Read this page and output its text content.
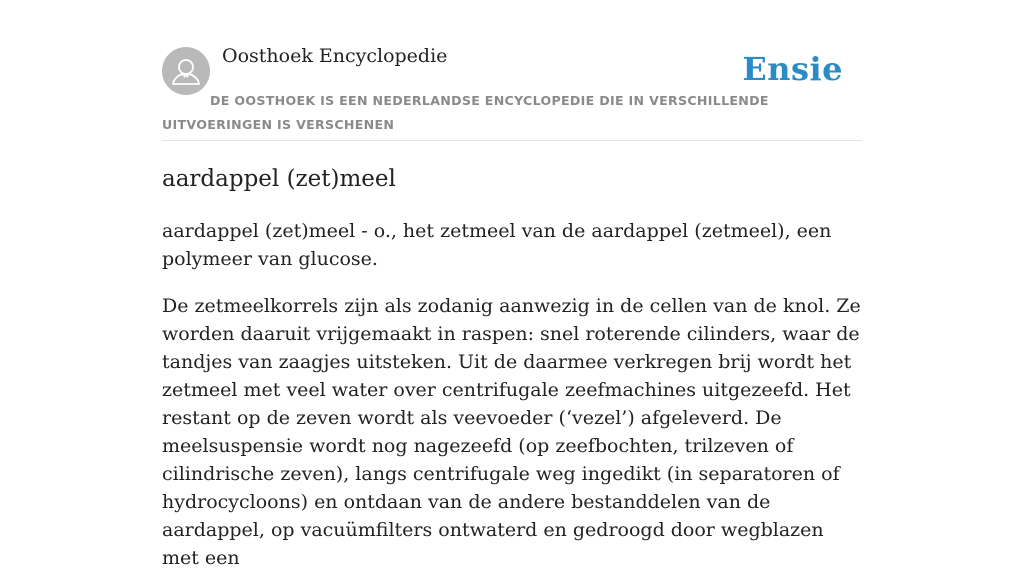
Oosthoek Encyclopedie	Ensie
DE OOSTHOEK IS EEN NEDERLANDSE ENCYCLOPEDIE DIE IN VERSCHILLENDE UITVOERINGEN IS VERSCHENEN
aardappel (zet)meel

aardappel (zet)meel - o., het zetmeel van de aardappel (zetmeel), een polymeer van glucose.

De zetmeelkorrels zijn als zodanig aanwezig in de cellen van de knol. Ze worden daaruit vrijgemaakt in raspen: snel roterende cilinders, waar de tandjes van zaagjes uitsteken. Uit de daarmee verkregen brij wordt het zetmeel met veel water over centrifugale zeefmachines uitgezeefd. Het restant op de zeven wordt als veevoeder (‘vezel’) afgeleverd. De meelsuspensie wordt nog nagezeefd (op zeefbochten, trilzeven of cilindrische zeven), langs centrifugale weg ingedikt (in separatoren of hydrocycloons) en ontdaan van de andere bestanddelen van de aardappel, op vacuümfilters ontwaterd en gedroogd door wegblazen met een
